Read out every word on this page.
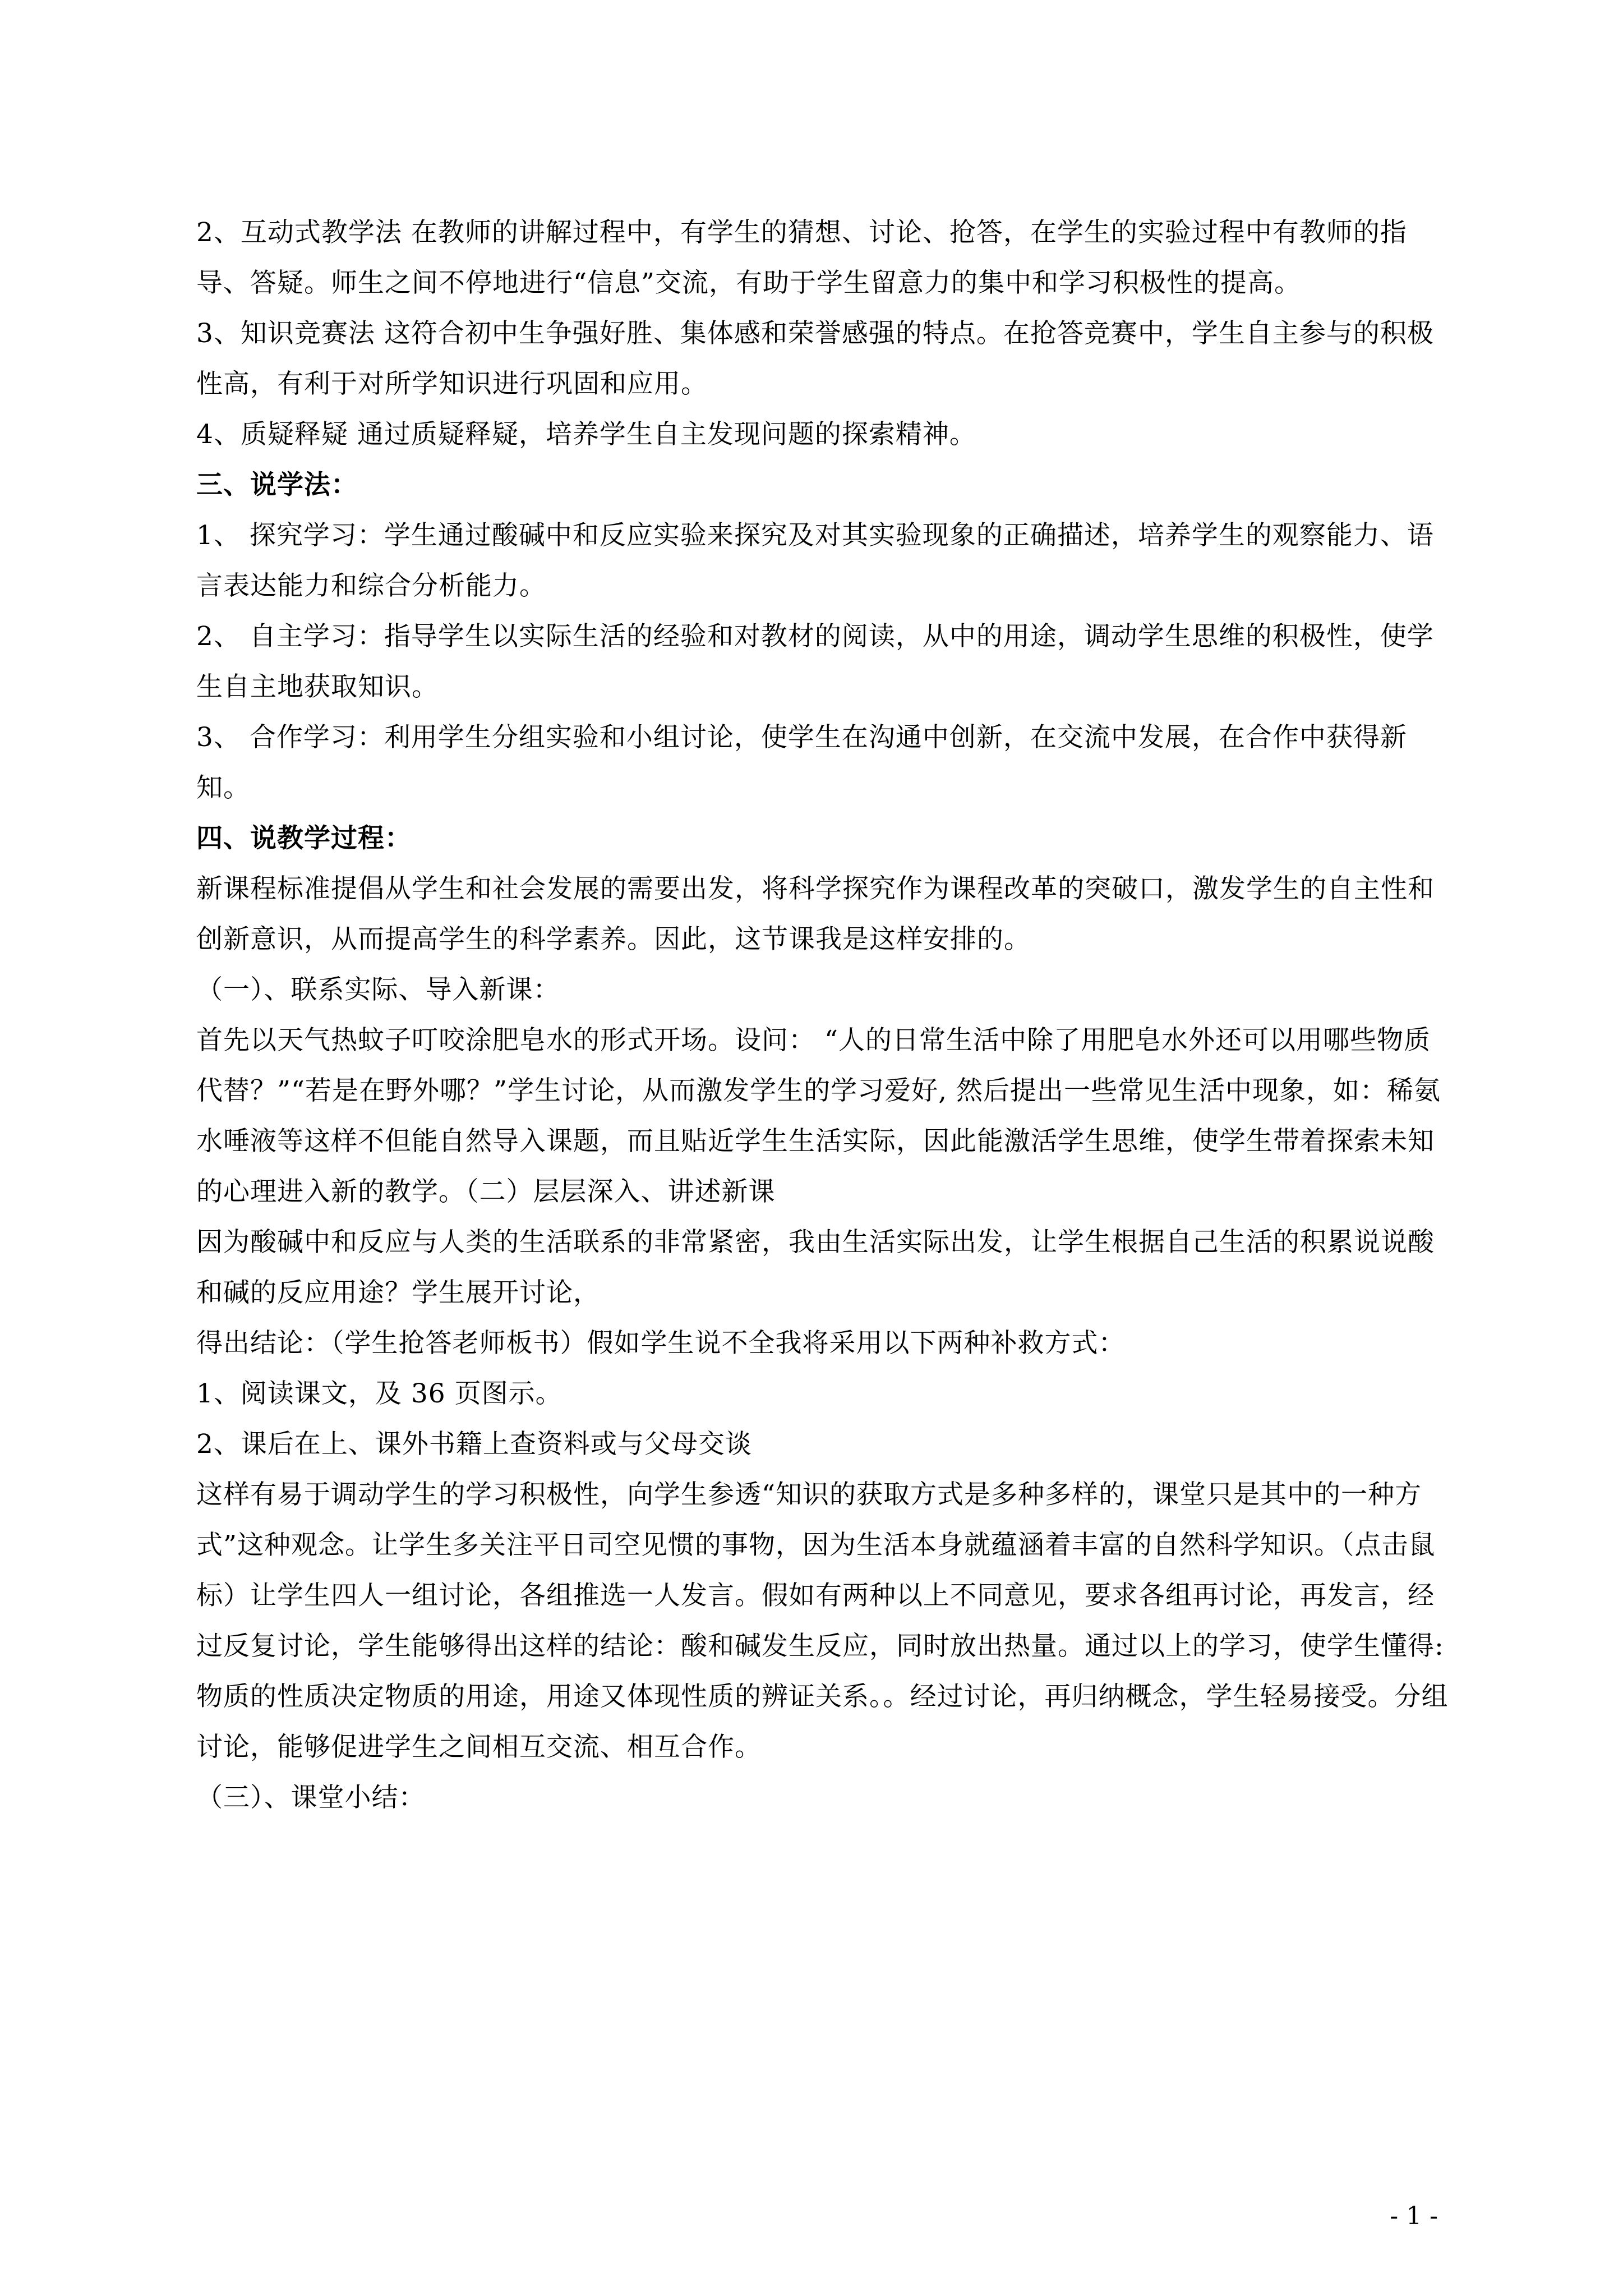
2、互动式教学法 在教师的讲解过程中，有学生的猜想、讨论、抢答，在学生的实验过程中有教师的指导、答疑。师生之间不停地进行“信息”交流，有助于学生留意力的集中和学习积极性的提高。

3、知识竞赛法 这符合初中生争强好胜、集体感和荣誉感强的特点。在抢答竞赛中，学生自主参与的积极性高，有利于对所学知识进行巩固和应用。

4、质疑释疑 通过质疑释疑，培养学生自主发现问题的探索精神。

三、说学法：

1、 探究学习：学生通过酸碱中和反应实验来探究及对其实验现象的正确描述，培养学生的观察能力、语言表达能力和综合分析能力。

2、 自主学习：指导学生以实际生活的经验和对教材的阅读，从中的用途，调动学生思维的积极性，使学生自主地获取知识。

3、 合作学习：利用学生分组实验和小组讨论，使学生在沟通中创新，在交流中发展，在合作中获得新知。

四、说教学过程：

新课程标准提倡从学生和社会发展的需要出发，将科学探究作为课程改革的突破口，激发学生的自主性和创新意识，从而提高学生的科学素养。因此，这节课我是这样安排的。

（一）、联系实际、导入新课：

首先以天气热蚊子叮咬涂肥皂水的形式开场。设问： “人的日常生活中除了用肥皂水外还可以用哪些物质代替？”“若是在野外哪？”学生讨论，从而激发学生的学习爱好, 然后提出一些常见生活中现象，如：稀氨水唾液等这样不但能自然导入课题，而且贴近学生生活实际，因此能激活学生思维，使学生带着探索未知的心理进入新的教学。（二）层层深入、讲述新课

因为酸碱中和反应与人类的生活联系的非常紧密，我由生活实际出发，让学生根据自己生活的积累说说酸和碱的反应用途？学生展开讨论，

得出结论：（学生抢答老师板书）假如学生说不全我将采用以下两种补救方式：

1、阅读课文，及 36 页图示。

2、课后在上、课外书籍上查资料或与父母交谈

这样有易于调动学生的学习积极性，向学生参透“知识的获取方式是多种多样的，课堂只是其中的一种方式”这种观念。让学生多关注平日司空见惯的事物，因为生活本身就蕴涵着丰富的自然科学知识。（点击鼠标）让学生四人一组讨论，各组推选一人发言。假如有两种以上不同意见，要求各组再讨论，再发言，经过反复讨论，学生能够得出这样的结论：酸和碱发生反应，同时放出热量。通过以上的学习，使学生懂得: 物质的性质决定物质的用途，用途又体现性质的辨证关系。。经过讨论，再归纳概念，学生轻易接受。分组讨论，能够促进学生之间相互交流、相互合作。

（三）、课堂小结：

- 1 -
